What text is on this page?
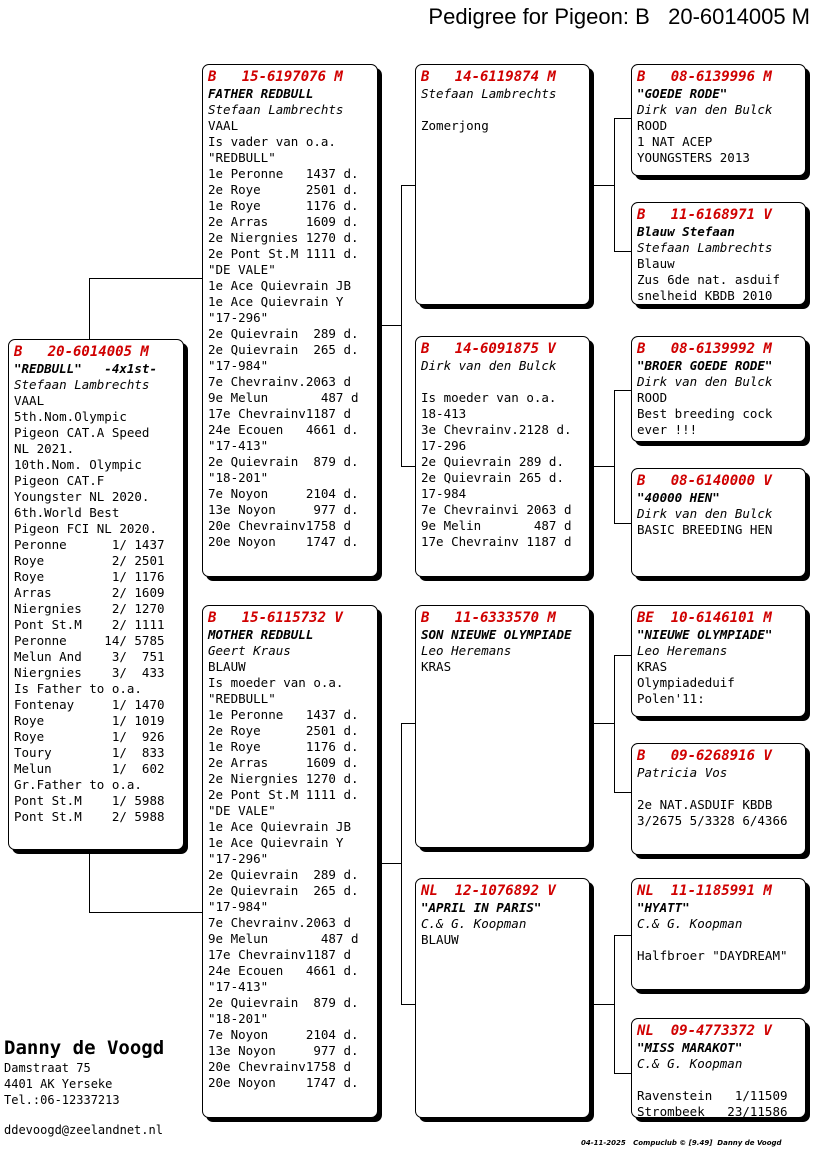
Pedigree for Pigeon: B   20-6014005 M
B   20-6014005 M
"REDBULL"   -4x1st-
Stefaan Lambrechts
VAAL
5th.Nom.Olympic
Pigeon CAT.A Speed
NL 2021.
10th.Nom. Olympic
Pigeon CAT.F
Youngster NL 2020.
6th.World Best
Pigeon FCI NL 2020.
Peronne      1/ 1437
Roye         2/ 2501
Roye         1/ 1176
Arras        2/ 1609
Niergnies    2/ 1270
Pont St.M    2/ 1111
Peronne     14/ 5785
Melun And    3/  751
Niergnies    3/  433
Is Father to o.a.
Fontenay     1/ 1470
Roye         1/ 1019
Roye         1/  926
Toury        1/  833
Melun        1/  602
Gr.Father to o.a.
Pont St.M    1/ 5988
Pont St.M    2/ 5988
B   15-6197076 M
FATHER REDBULL
Stefaan Lambrechts
VAAL
Is vader van o.a.
"REDBULL"
1e Peronne   1437 d.
2e Roye      2501 d.
1e Roye      1176 d.
2e Arras     1609 d.
2e Niergnies 1270 d.
2e Pont St.M 1111 d.
"DE VALE"
1e Ace Quievrain JB
1e Ace Quievrain Y
"17-296"
2e Quievrain  289 d.
2e Quievrain  265 d.
"17-984"
7e Chevrainv.2063 d
9e Melun       487 d
17e Chevrainv1187 d
24e Ecouen   4661 d.
"17-413"
2e Quievrain  879 d.
"18-201"
7e Noyon     2104 d.
13e Noyon     977 d.
20e Chevrainv1758 d
20e Noyon    1747 d.
B   15-6115732 V
MOTHER REDBULL
Geert Kraus
BLAUW
Is moeder van o.a.
"REDBULL"
1e Peronne   1437 d.
2e Roye      2501 d.
1e Roye      1176 d.
2e Arras     1609 d.
2e Niergnies 1270 d.
2e Pont St.M 1111 d.
"DE VALE"
1e Ace Quievrain JB
1e Ace Quievrain Y
"17-296"
2e Quievrain  289 d.
2e Quievrain  265 d.
"17-984"
7e Chevrainv.2063 d
9e Melun       487 d
17e Chevrainv1187 d
24e Ecouen   4661 d.
"17-413"
2e Quievrain  879 d.
"18-201"
7e Noyon     2104 d.
13e Noyon     977 d.
20e Chevrainv1758 d
20e Noyon    1747 d.
B   14-6119874 M
Stefaan Lambrechts
Zomerjong
B   14-6091875 V
Dirk van den Bulck
Is moeder van o.a.
18-413
3e Chevrainv.2128 d.
17-296
2e Quievrain 289 d.
2e Quievrain 265 d.
17-984
7e Chevrainvi 2063 d
9e Melin       487 d
17e Chevrainv 1187 d
B   11-6333570 M
SON NIEUWE OLYMPIADE
Leo Heremans
KRAS
NL  12-1076892 V
"APRIL IN PARIS"
C.& G. Koopman
BLAUW
B   08-6139996 M
"GOEDE RODE"
Dirk van den Bulck
ROOD
1 NAT ACEP
YOUNGSTERS 2013
B   11-6168971 V
Blauw Stefaan
Stefaan Lambrechts
Blauw
Zus 6de nat. asduif
snelheid KBDB 2010
B   08-6139992 M
"BROER GOEDE RODE"
Dirk van den Bulck
ROOD
Best breeding cock
ever !!!
B   08-6140000 V
"40000 HEN"
Dirk van den Bulck
BASIC BREEDING HEN
BE  10-6146101 M
"NIEUWE OLYMPIADE"
Leo Heremans
KRAS
Olympiadeduif
Polen'11:
B   09-6268916 V
Patricia Vos
2e NAT.ASDUIF KBDB
3/2675 5/3328 6/4366
NL  11-1185991 M
"HYATT"
C.& G. Koopman
Halfbroer "DAYDREAM"
NL  09-4773372 V
"MISS MARAKOT"
C.& G. Koopman
Ravenstein   1/11509
Strombeek   23/11586
Danny de Voogd
Damstraat 75
4401 AK Yerseke
Tel.:06-12337213
ddevoogd@zeelandnet.nl
04-11-2025   Compuclub © [9.49]  Danny de Voogd
